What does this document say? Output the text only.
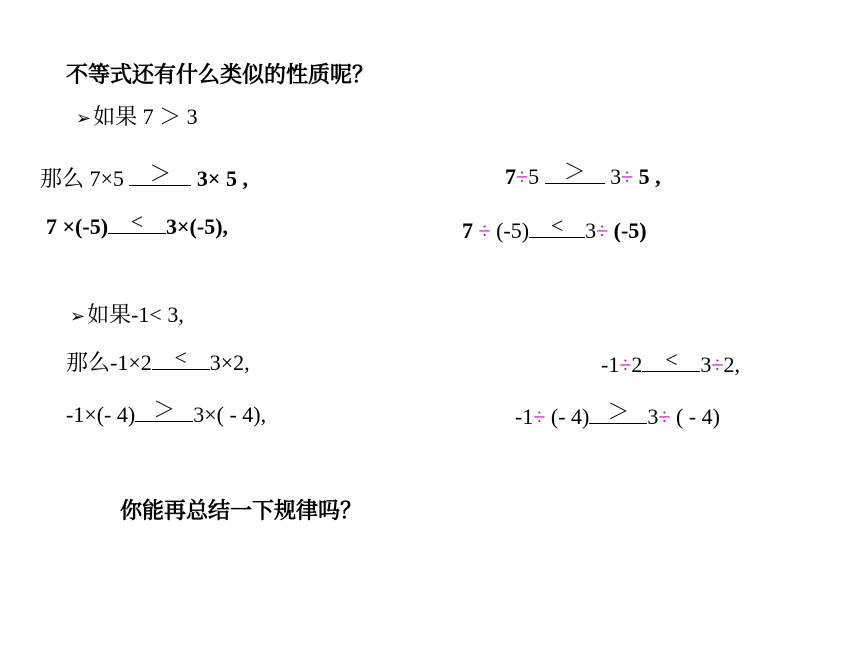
不等式还有什么类似的性质呢？
➢如果 7 ＞ 3
那么 7×5 ＞ 3× 5 ,
7 ×(-5)	<	3×(-5),
7÷5 ＞ 3÷ 5 ,
7 ÷ (-5) < 3÷ (-5)
➢如果-1< 3,
那么-1×2	<	3×2,
-1×(- 4) ＞ 3×( - 4),
-1÷2	<	3÷2,
-1÷ (- 4) ＞ 3÷ ( - 4)
你能再总结一下规律吗？
